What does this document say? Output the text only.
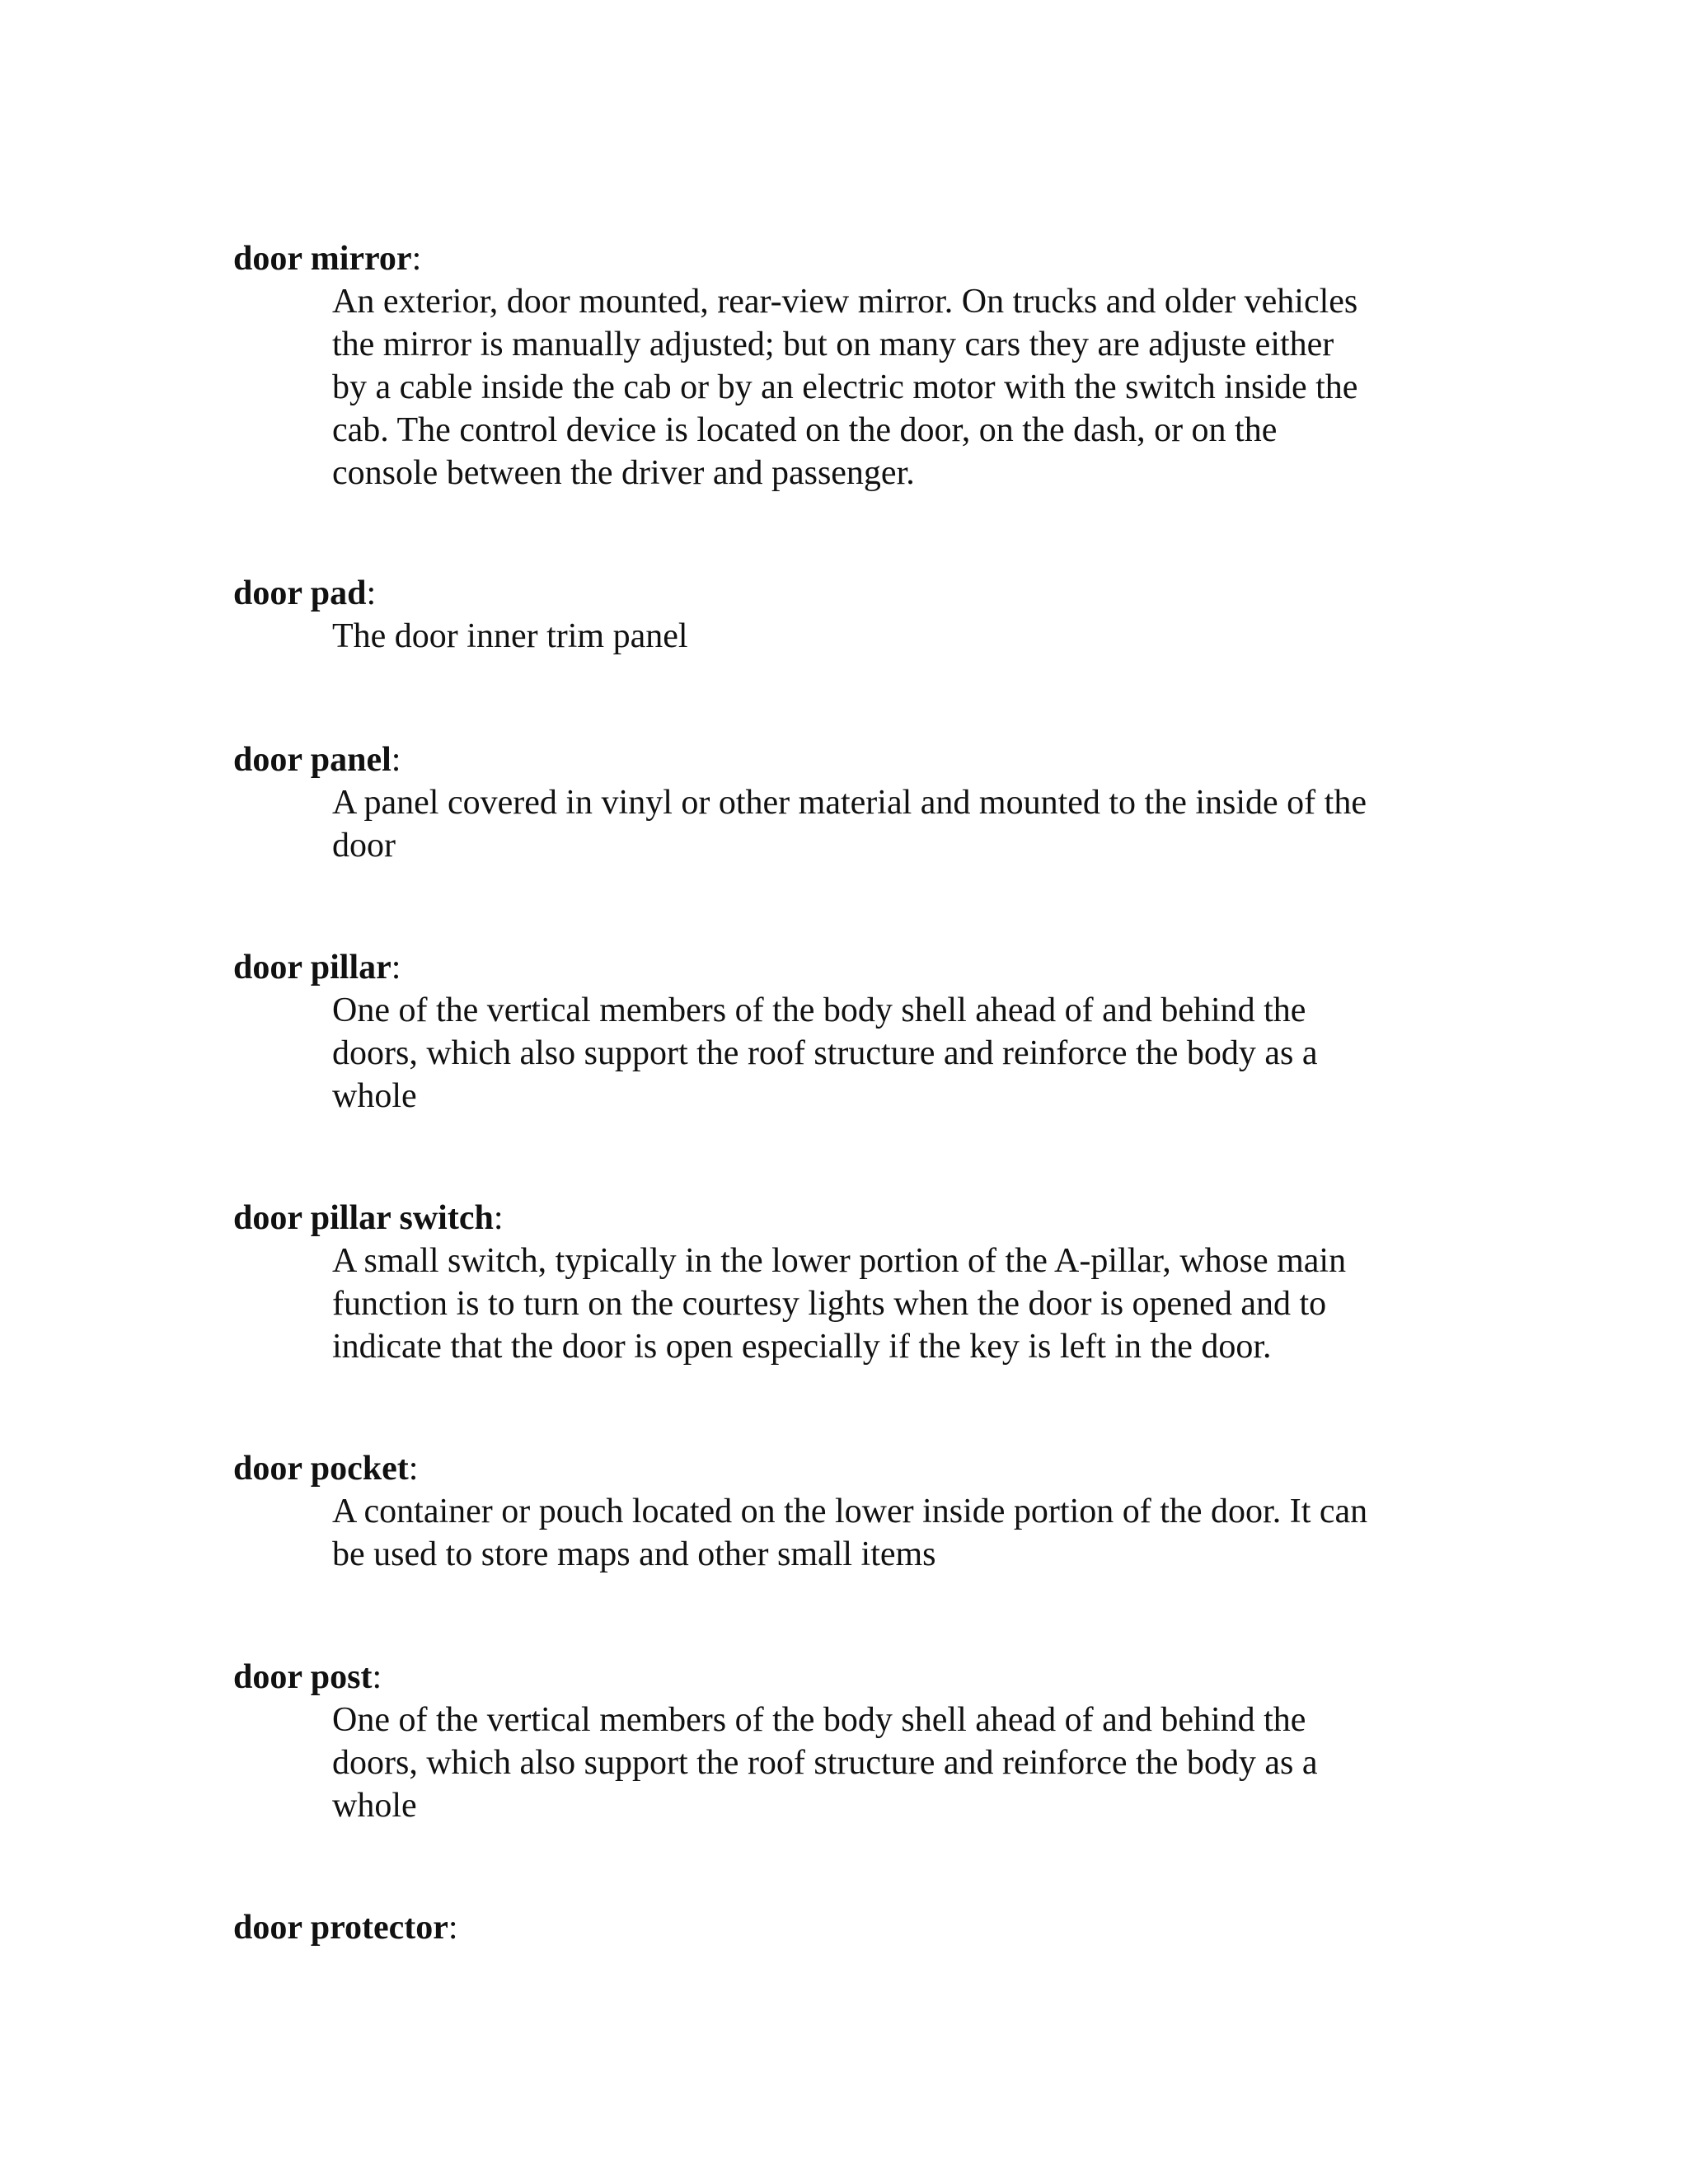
door mirror:
An exterior, door mounted, rear-view mirror. On trucks and older vehicles
the mirror is manually adjusted; but on many cars they are adjuste either
by a cable inside the cab or by an electric motor with the switch inside the
cab. The control device is located on the door, on the dash, or on the
console between the driver and passenger.
door pad:
The door inner trim panel
door panel:
A panel covered in vinyl or other material and mounted to the inside of the
door
door pillar:
One of the vertical members of the body shell ahead of and behind the
doors, which also support the roof structure and reinforce the body as a
whole
door pillar switch:
A small switch, typically in the lower portion of the A-pillar, whose main
function is to turn on the courtesy lights when the door is opened and to
indicate that the door is open especially if the key is left in the door.
door pocket:
A container or pouch located on the lower inside portion of the door. It can
be used to store maps and other small items
door post:
One of the vertical members of the body shell ahead of and behind the
doors, which also support the roof structure and reinforce the body as a
whole
door protector:
